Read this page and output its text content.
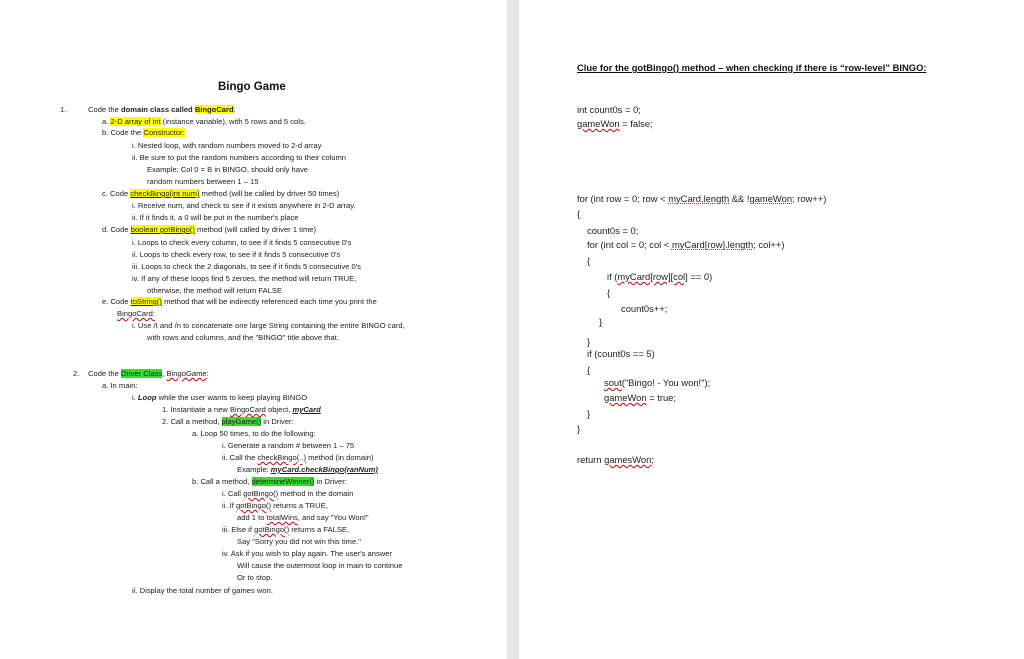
Bingo Game
1.	Code the domain class called BingoCard:
a. 2-D array of int (instance variable), with 5 rows and 5 cols.
b. Code the Constructor:
i. Nested loop, with random numbers moved to 2-d array
ii. Be sure to put the random numbers according to their column
Example: Col 0 = B in BINGO, should only have
random numbers between 1 – 15
c. Code checkBingo(int num) method (will be called by driver 50 times)
i. Receive num, and check to see if it exists anywhere in 2-D array.
ii. If it finds it, a 0 will be put in the number's place
d. Code boolean gotBingo() method (will called by driver 1 time)
i. Loops to check every column, to see if it finds 5 consecutive 0's
ii. Loops to check every row, to see if it finds 5 consecutive 0's
iii. Loops to check the 2 diagonals, to see if it finds 5 consecutive 0's
iv. If any of these loops find 5 zeroes, the method will return TRUE;
otherwise, the method will return FALSE
e. Code toString() method that will be indirectly referenced each time you print the
BingoCard:
i. Use /t and /n to concatenate one large String containing the entire BINGO card,
with rows and columns, and the "BINGO" title above that.
2. Code the Driver Class, BingoGame:
a. In main:
i. Loop while the user wants to keep playing BINGO
1. Instantiate a new BingoCard object, myCard
2. Call a method, playGame() in Driver:
a. Loop 50 times, to do the following:
i. Generate a random # between 1 – 75
ii. Call the checkBingo(..) method (in domain)
Example: myCard.checkBingo(ranNum)
b. Call a method, determineWinner() in Driver:
i. Call gotBingo() method in the domain
ii. If gotBingo() returns a TRUE,
add 1 to totalWins, and say "You Won!"
iii. Else if gotBingo() returns a FALSE,
Say "Sorry you did not win this time."
iv. Ask if you wish to play again. The user's answer
Will cause the outermost loop in main to continue
Or to stop.
ii. Display the total number of games won.
Clue for the gotBingo() method – when checking if there is “row-level” BINGO:
int count0s = 0;
gameWon = false;
for (int row = 0; row < myCard.length && !gameWon; row++)
{
count0s = 0;
for (int col = 0; col < myCard[row].length; col++)
{
if (myCard[row][col] == 0)
{
count0s++;
}
}
if (count0s == 5)
{
sout("Bingo! - You won!");
gameWon = true;
}
}
return gamesWon;
